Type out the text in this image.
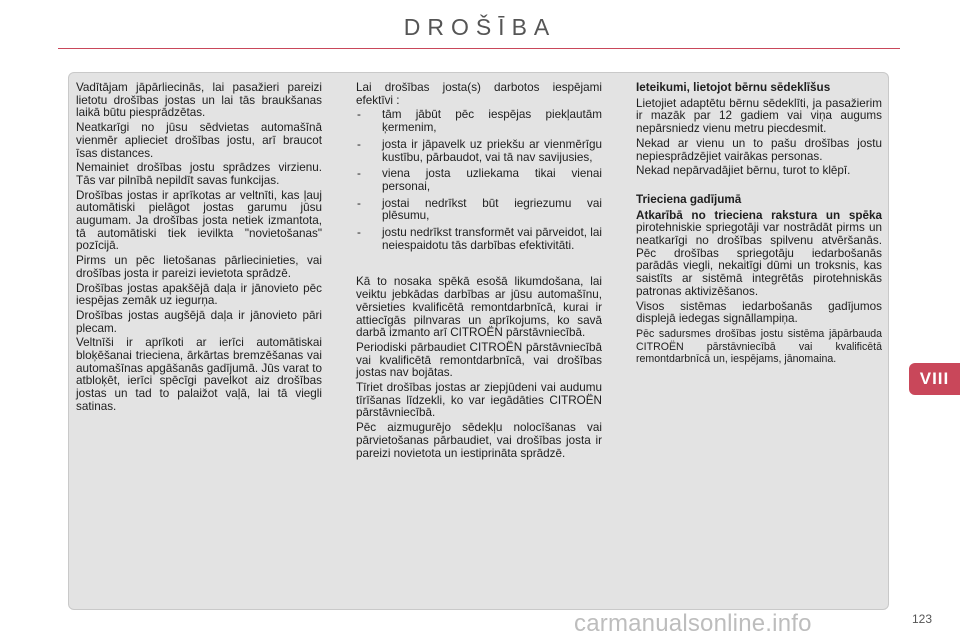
DROŠĪBA

Vadītājam jāpārliecinās, lai pasažieri pareizi lietotu drošības jostas un lai tās braukšanas laikā būtu piesprādzētas.

Neatkarīgi no jūsu sēdvietas automašīnā vienmēr aplieciet drošības jostu, arī braucot īsas distances.

Nemainiet drošības jostu sprādzes virzienu. Tās var pilnībā nepildīt savas funkcijas.

Drošības jostas ir aprīkotas ar veltnīti, kas ļauj automātiski pielāgot jostas garumu jūsu augumam. Ja drošības josta netiek izmantota, tā automātiski tiek ievilkta "novietošanas" pozīcijā.

Pirms un pēc lietošanas pārliecinieties, vai drošības josta ir pareizi ievietota sprādzē.

Drošības jostas apakšējā daļa ir jānovieto pēc iespējas zemāk uz iegurņa.

Drošības jostas augšējā daļa ir jānovieto pāri plecam.

Veltnīši ir aprīkoti ar ierīci automātiskai bloķēšanai trieciena, ārkārtas bremzēšanas vai automašīnas apgāšanās gadījumā. Jūs varat to atbloķēt, ierīci spēcīgi pavelkot aiz drošības jostas un tad to palaižot vaļā, lai tā viegli satinas.

Lai drošības josta(s) darbotos iespējami efektīvi :

- tām jābūt pēc iespējas piekļautām ķermenim,
- josta ir jāpavelk uz priekšu ar vienmērīgu kustību, pārbaudot, vai tā nav savijusies,
- viena josta uzliekama tikai vienai personai,
- jostai nedrīkst būt iegriezumu vai plēsumu,
- jostu nedrīkst transformēt vai pārveidot, lai neiespaidotu tās darbības efektivitāti.

Kā to nosaka spēkā esošā likumdošana, lai veiktu jebkādas darbības ar jūsu automašīnu, vērsieties kvalificētā remontdarbnīcā, kurai ir attiecīgās pilnvaras un aprīkojums, ko savā darbā izmanto arī CITROËN pārstāvniecībā.

Periodiski pārbaudiet CITROËN pārstāvniecībā vai kvalificētā remontdarbnīcā, vai drošības jostas nav bojātas.

Tīriet drošības jostas ar ziepjūdeni vai audumu tīrīšanas līdzekli, ko var iegādāties CITROËN pārstāvniecībā.

Pēc aizmugurējo sēdekļu nolocīšanas vai pārvietošanas pārbaudiet, vai drošības josta ir pareizi novietota un iestiprināta sprādzē.

Ieteikumi, lietojot bērnu sēdeklīšus

Lietojiet adaptētu bērnu sēdeklīti, ja pasažierim ir mazāk par 12 gadiem vai viņa augums nepārsniedz vienu metru piecdesmit.

Nekad ar vienu un to pašu drošības jostu nepiesprādzējiet vairākas personas.

Nekad nepārvadājiet bērnu, turot to klēpī.

Trieciena gadījumā

Atkarībā no trieciena rakstura un spēka pirotehniskie spriegotāji var nostrādāt pirms un neatkarīgi no drošības spilvenu atvēršanās. Pēc drošības spriegotāju iedarbošanās parādās viegli, nekaitīgi dūmi un troksnis, kas saistīts ar sistēmā integrētās pirotehniskās patronas aktivizēšanos.

Visos sistēmas iedarbošanās gadījumos displejā iedegas signāllampiņa.

Pēc sadursmes drošības jostu sistēma jāpārbauda CITROËN pārstāvniecībā vai kvalificētā remontdarbnīcā un, iespējams, jānomaina.

VIII
carmanualsonline.info	123
